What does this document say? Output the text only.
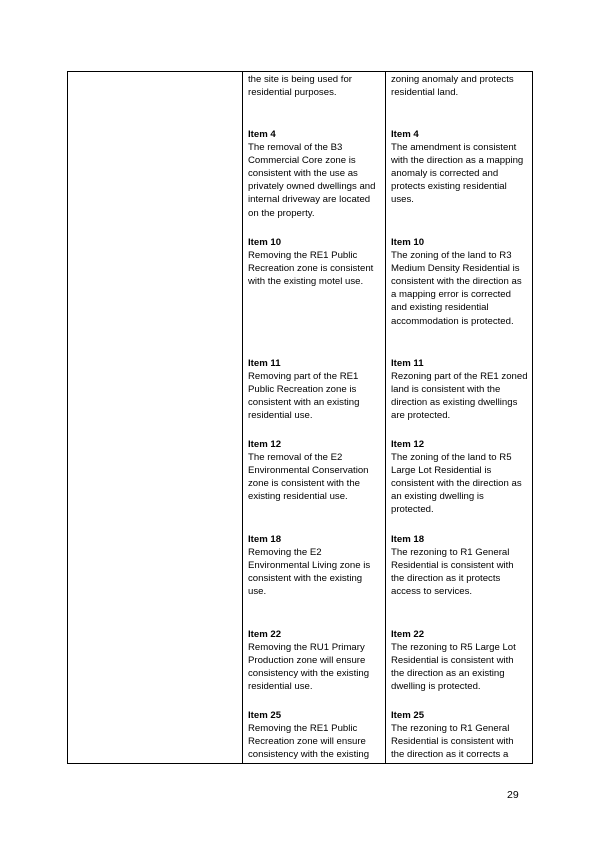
the site is being used for residential purposes.
zoning anomaly and protects residential land.
Item 4
The removal of the B3 Commercial Core zone is consistent with the use as privately owned dwellings and internal driveway are located on the property.
Item 4
The amendment is consistent with the direction as a mapping anomaly is corrected and protects existing residential uses.
Item 10
Removing the RE1 Public Recreation zone is consistent with the existing motel use.
Item 10
The zoning of the land to R3 Medium Density Residential is consistent with the direction as a mapping error is corrected and existing residential accommodation is protected.
Item 11
Removing part of the RE1 Public Recreation zone is consistent with an existing residential use.
Item 11
Rezoning part of the RE1 zoned land is consistent with the direction as existing dwellings are protected.
Item 12
The removal of the E2 Environmental Conservation zone is consistent with the existing residential use.
Item 12
The zoning of the land to R5 Large Lot Residential is consistent with the direction as an existing dwelling is protected.
Item 18
Removing the E2 Environmental Living zone is consistent with the existing use.
Item 18
The rezoning to R1 General Residential is consistent with the direction as it protects access to services.
Item 22
Removing the RU1 Primary Production zone will ensure consistency with the existing residential use.
Item 22
The rezoning to R5 Large Lot Residential is consistent with the direction as an existing dwelling is protected.
Item 25
Removing the RE1 Public Recreation zone will ensure consistency with the existing
Item 25
The rezoning to R1 General Residential is consistent with the direction as it corrects a
29
